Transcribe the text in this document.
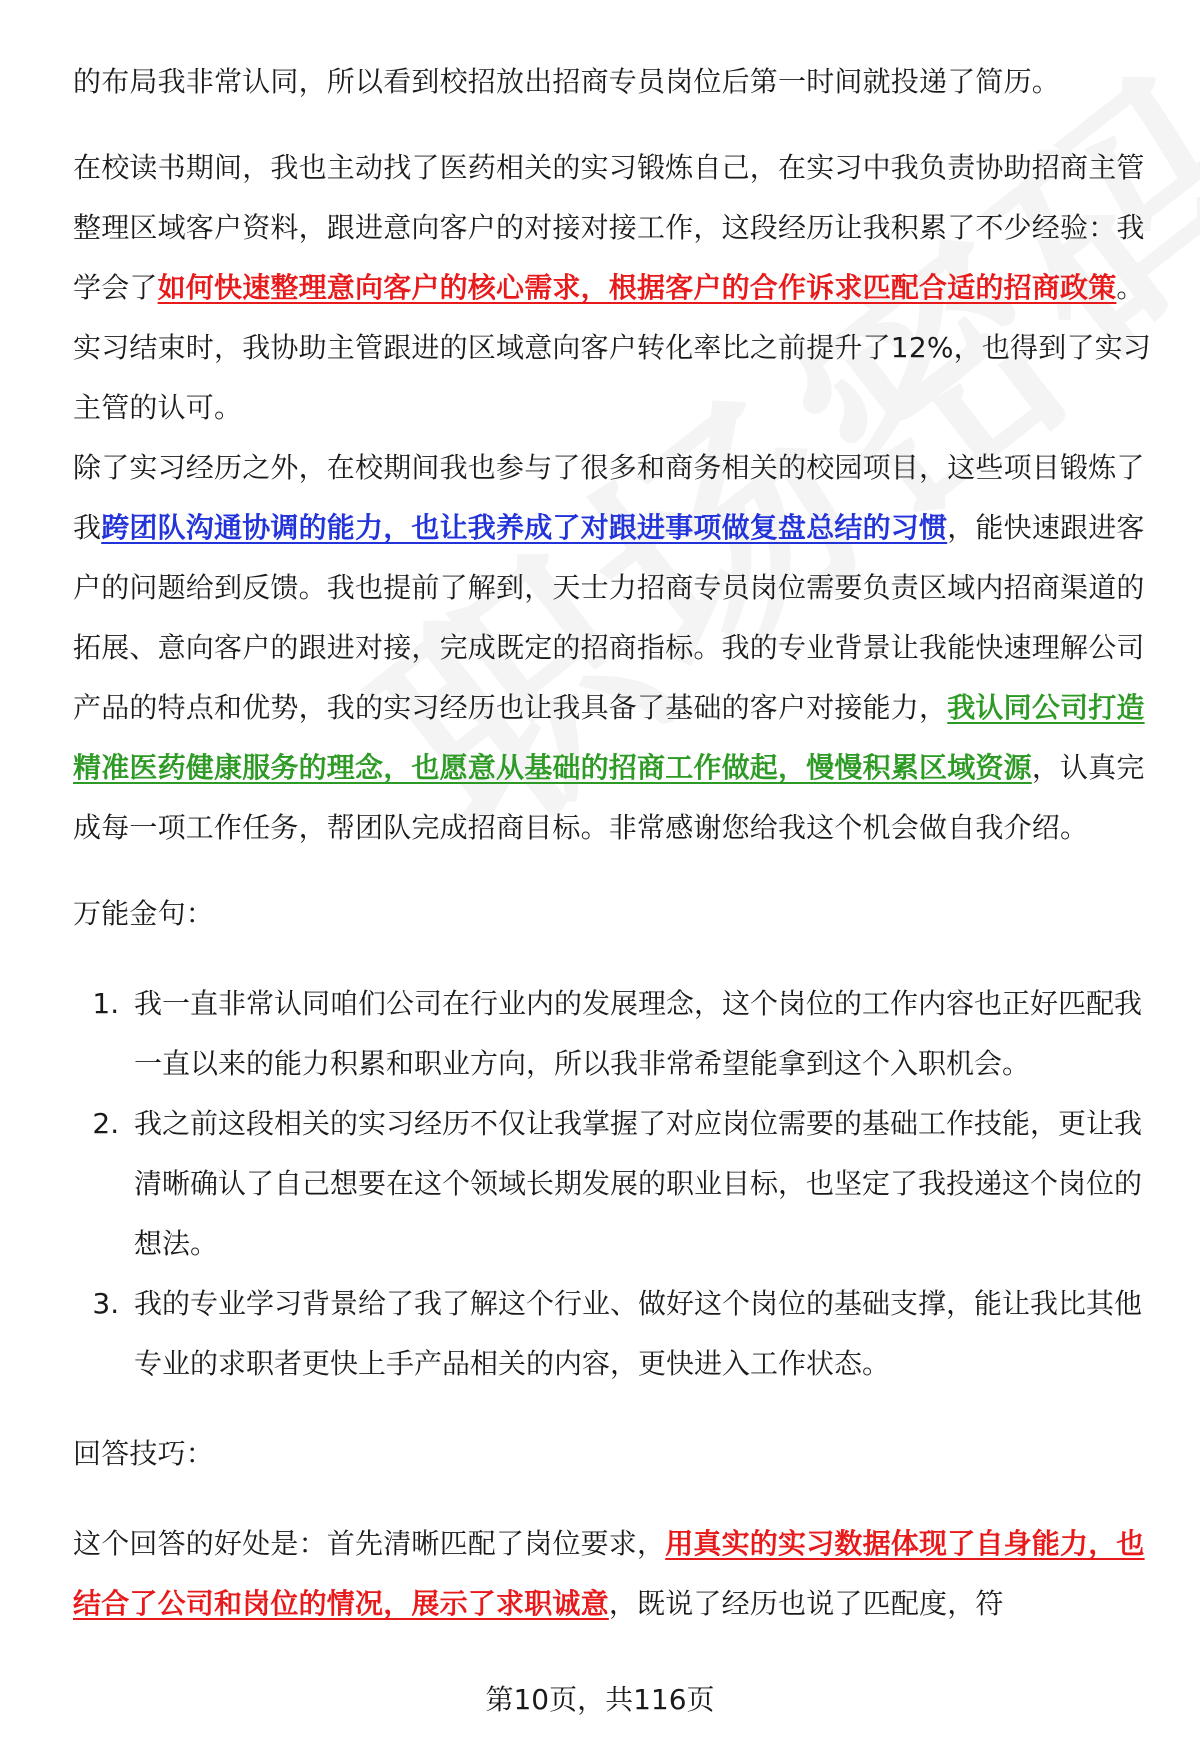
的布局我非常认同，所以看到校招放出招商专员岗位后第一时间就投递了简历。

在校读书期间，我也主动找了医药相关的实习锻炼自己，在实习中我负责协助招商主管整理区域客户资料，跟进意向客户的对接对接工作，这段经历让我积累了不少经验：我学会了如何快速整理意向客户的核心需求，根据客户的合作诉求匹配合适的招商政策。实习结束时，我协助主管跟进的区域意向客户转化率比之前提升了12%，也得到了实习主管的认可。

除了实习经历之外，在校期间我也参与了很多和商务相关的校园项目，这些项目锻炼了我跨团队沟通协调的能力，也让我养成了对跟进事项做复盘总结的习惯，能快速跟进客户的问题给到反馈。我也提前了解到，天士力招商专员岗位需要负责区域内招商渠道的拓展、意向客户的跟进对接，完成既定的招商指标。我的专业背景让我能快速理解公司产品的特点和优势，我的实习经历也让我具备了基础的客户对接能力，我认同公司打造精准医药健康服务的理念，也愿意从基础的招商工作做起，慢慢积累区域资源，认真完成每一项工作任务，帮团队完成招商目标。非常感谢您给我这个机会做自我介绍。

万能金句：

1. 我一直非常认同咱们公司在行业内的发展理念，这个岗位的工作内容也正好匹配我一直以来的能力积累和职业方向，所以我非常希望能拿到这个入职机会。
2. 我之前这段相关的实习经历不仅让我掌握了对应岗位需要的基础工作技能，更让我清晰确认了自己想要在这个领域长期发展的职业目标，也坚定了我投递这个岗位的想法。
3. 我的专业学习背景给了我了解这个行业、做好这个岗位的基础支撑，能让我比其他专业的求职者更快上手产品相关的内容，更快进入工作状态。

回答技巧：

这个回答的好处是：首先清晰匹配了岗位要求，用真实的实习数据体现了自身能力，也结合了公司和岗位的情况，展示了求职诚意，既说了经历也说了匹配度，符

第10页，共116页
